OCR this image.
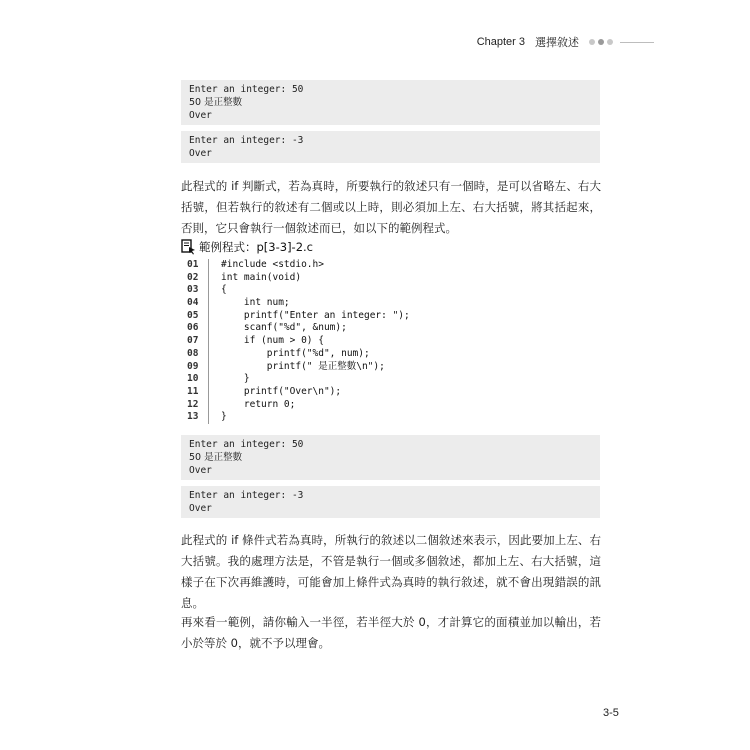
Chapter 3 選擇敘述
Enter an integer: 50
50 是正整數
Over
Enter an integer: -3
Over

此程式的 if 判斷式，若為真時，所要執行的敘述只有一個時，是可以省略左、右大括號，但若執行的敘述有二個或以上時，則必須加上左、右大括號，將其括起來，否則，它只會執行一個敘述而已，如以下的範例程式。

範例程式：p[3-3]-2.c
01	#include <stdio.h>
02	int main(void)
03	{
04	int num;
05	printf("Enter an integer: ");
06	scanf("%d", &num);
07	if (num > 0) {
08	printf("%d", num);
09	printf(" 是正整數\n");
10	}
11	printf("Over\n");
12	return 0;
13	}
Enter an integer: 50
50 是正整數
Over
Enter an integer: -3
Over

此程式的 if 條件式若為真時，所執行的敘述以二個敘述來表示，因此要加上左、右大括號。我的處理方法是，不管是執行一個或多個敘述，都加上左、右大括號，這樣子在下次再維護時，可能會加上條件式為真時的執行敘述，就不會出現錯誤的訊息。

再來看一範例，請你輸入一半徑，若半徑大於 0，才計算它的面積並加以輸出，若小於等於 0，就不予以理會。

3-5
